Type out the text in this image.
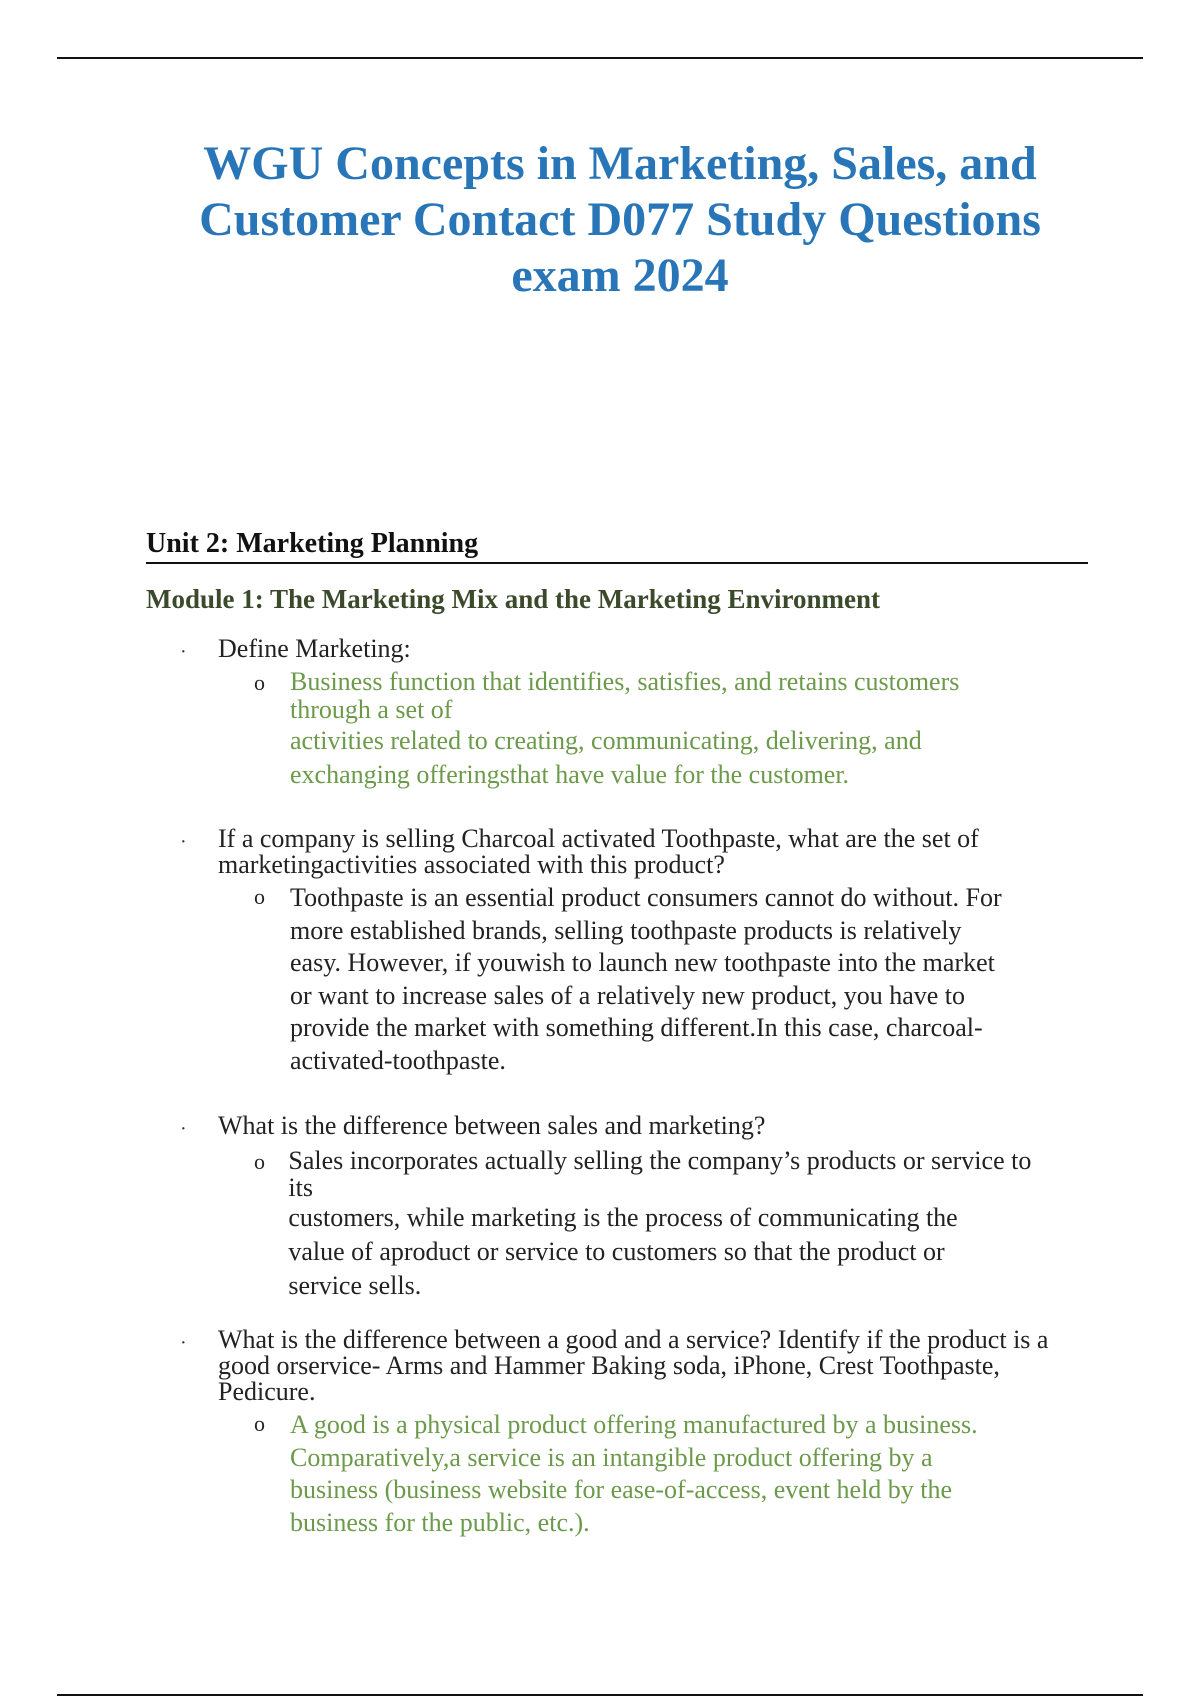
WGU Concepts in Marketing, Sales, and
Customer Contact D077 Study Questions
exam 2024
Unit 2: Marketing Planning
Module 1: The Marketing Mix and the Marketing Environment
·	Define Marketing:
o Business function that identifies, satisfies, and retains customers
through a set of
activities related to creating, communicating, delivering, and
exchanging offeringsthat have value for the customer.
·	If a company is selling Charcoal activated Toothpaste, what are the set of marketingactivities associated with this product?
o Toothpaste is an essential product consumers cannot do without. For
more established brands, selling toothpaste products is relatively
easy. However, if youwish to launch new toothpaste into the market
or want to increase sales of a relatively new product, you have to
provide the market with something different.In this case, charcoal-
activated-toothpaste.
·	What is the difference between sales and marketing?
o Sales incorporates actually selling the company’s products or service to
its
customers, while marketing is the process of communicating the
value of aproduct or service to customers so that the product or
service sells.
·	What is the difference between a good and a service? Identify if the product is a good orservice- Arms and Hammer Baking soda, iPhone, Crest Toothpaste, Pedicure.
o A good is a physical product offering manufactured by a business.
Comparatively,a service is an intangible product offering by a
business (business website for ease-of-access, event held by the
business for the public, etc.).
